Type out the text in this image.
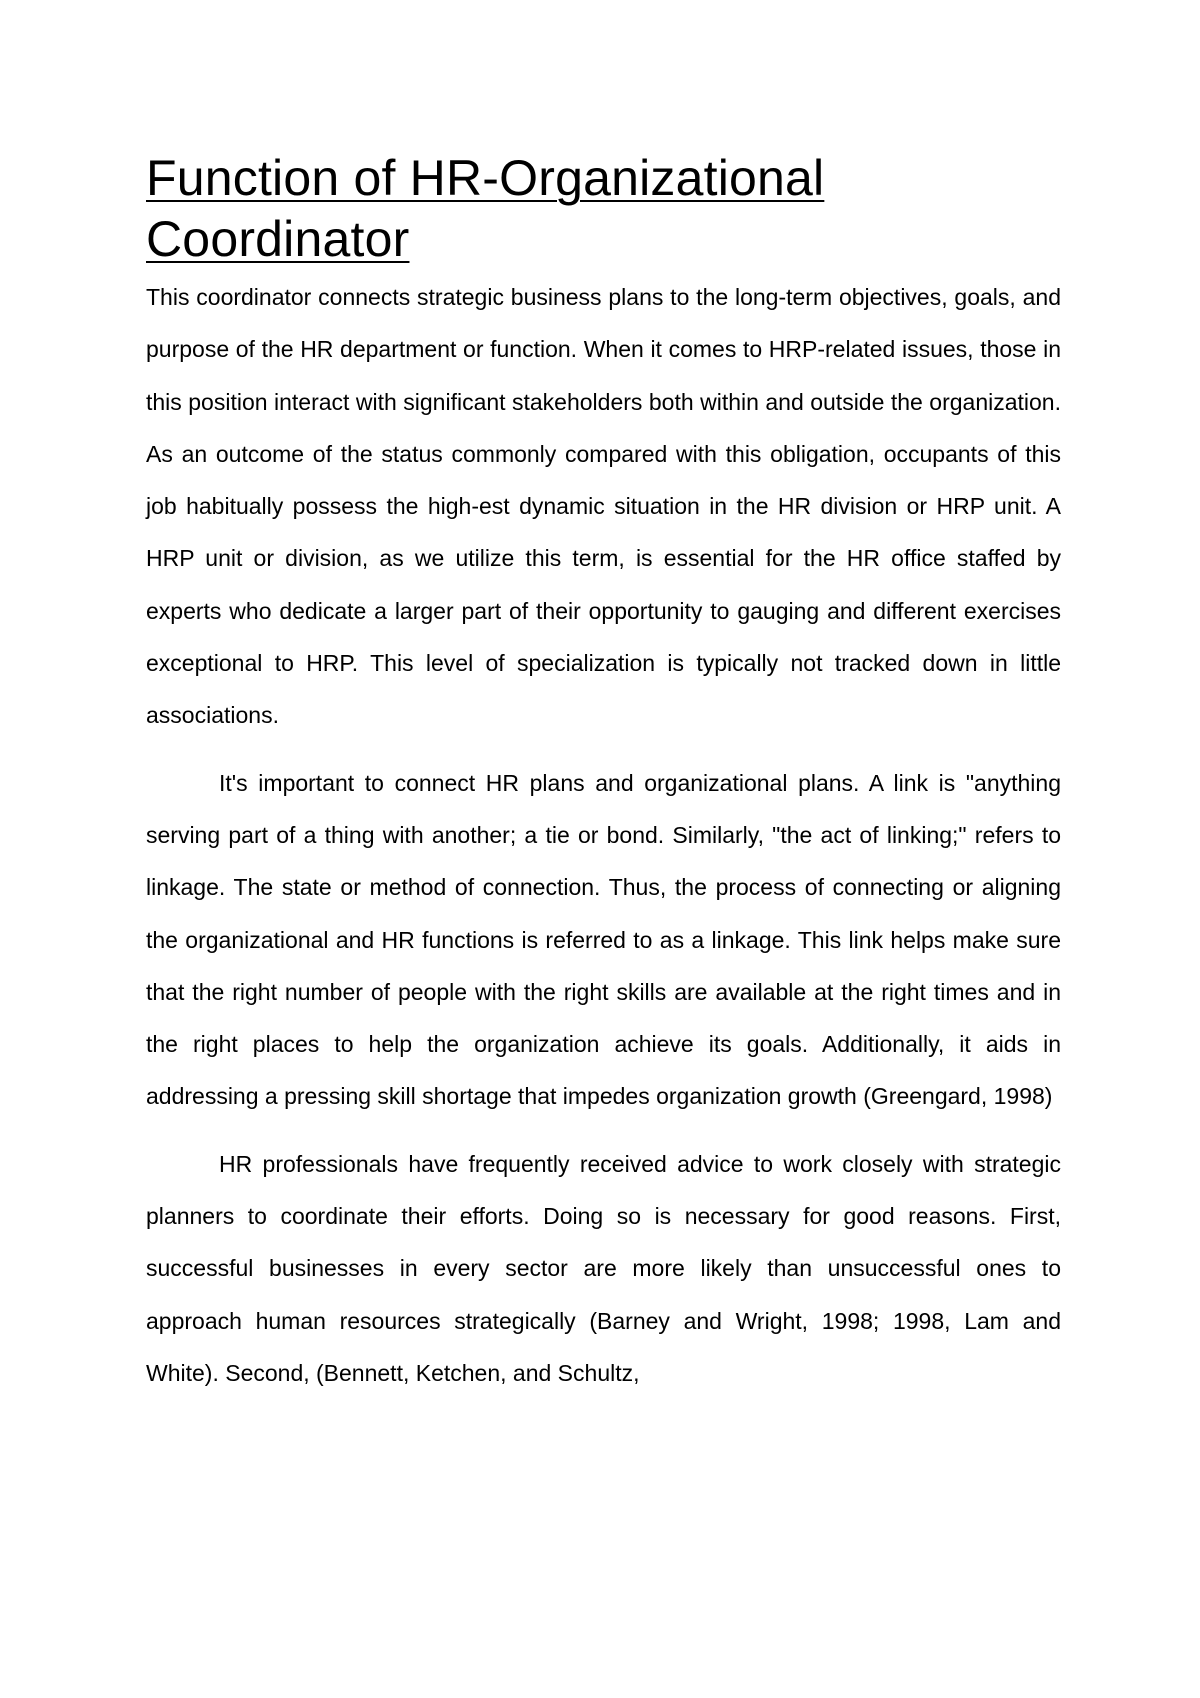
Function of HR-Organizational Coordinator

This coordinator connects strategic business plans to the long-term objectives, goals, and purpose of the HR department or function. When it comes to HRP-related issues, those in this position interact with significant stakeholders both within and outside the organization. As an outcome of the status commonly compared with this obligation, occupants of this job habitually possess the high-est dynamic situation in the HR division or HRP unit. A HRP unit or division, as we utilize this term, is essential for the HR office staffed by experts who dedicate a larger part of their opportunity to gauging and different exercises exceptional to HRP. This level of specialization is typically not tracked down in little associations.

It's important to connect HR plans and organizational plans. A link is "anything serving part of a thing with another; a tie or bond. Similarly, "the act of linking;" refers to linkage. The state or method of connection. Thus, the process of connecting or aligning the organizational and HR functions is referred to as a linkage. This link helps make sure that the right number of people with the right skills are available at the right times and in the right places to help the organization achieve its goals. Additionally, it aids in addressing a pressing skill shortage that impedes organization growth (Greengard, 1998)

HR professionals have frequently received advice to work closely with strategic planners to coordinate their efforts. Doing so is necessary for good reasons. First, successful businesses in every sector are more likely than unsuccessful ones to approach human resources strategically (Barney and Wright, 1998; 1998, Lam and White). Second, (Bennett, Ketchen, and Schultz,
